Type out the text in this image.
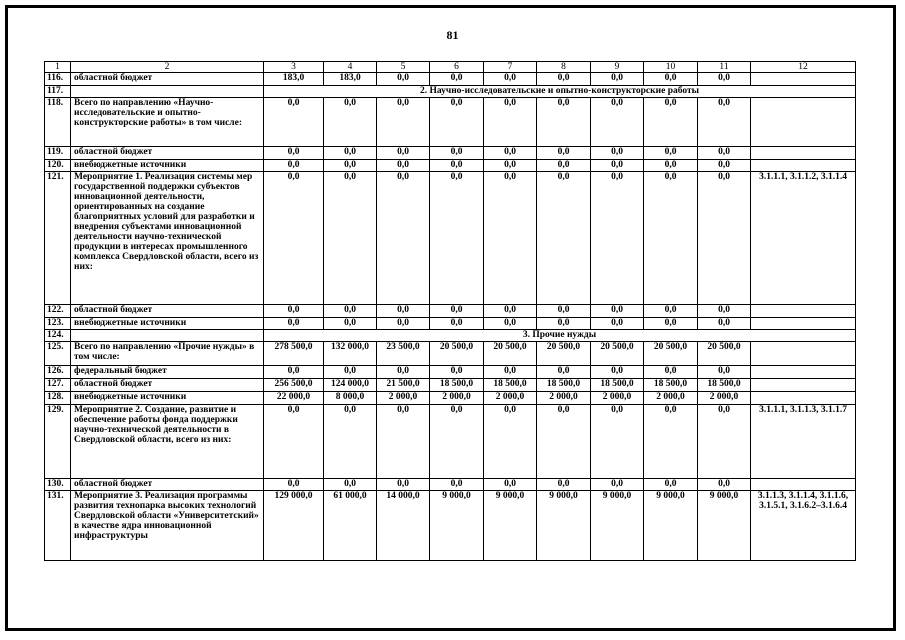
81
1	2	3	4	5	6	7	8	9	10	11	12
116.	областной бюджет	183,0	183,0	0,0	0,0	0,0	0,0	0,0	0,0	0,0	
117.		2. Научно-исследовательские и опытно-конструкторские работы									
118.	Всего по направлению «Научно-исследовательские и опытно-конструкторские работы» в том числе:	0,0	0,0	0,0	0,0	0,0	0,0	0,0	0,0	0,0	
119.	областной бюджет	0,0	0,0	0,0	0,0	0,0	0,0	0,0	0,0	0,0	
120.	внебюджетные источники	0,0	0,0	0,0	0,0	0,0	0,0	0,0	0,0	0,0	
121.	Мероприятие 1. Реализация системы мер государственной поддержки субъектов инновационной деятельности, ориентированных на создание благоприятных условий для разработки и внедрения субъектами инновационной деятельности научно-технической продукции в интересах промышленного комплекса Свердловской области, всего из них:	0,0	0,0	0,0	0,0	0,0	0,0	0,0	0,0	0,0	3.1.1.1, 3.1.1.2, 3.1.1.4
122.	областной бюджет	0,0	0,0	0,0	0,0	0,0	0,0	0,0	0,0	0,0	
123.	внебюджетные источники	0,0	0,0	0,0	0,0	0,0	0,0	0,0	0,0	0,0	
124.		3. Прочие нужды									
125.	Всего по направлению «Прочие нужды» в том числе:	278 500,0	132 000,0	23 500,0	20 500,0	20 500,0	20 500,0	20 500,0	20 500,0	20 500,0	
126.	федеральный бюджет	0,0	0,0	0,0	0,0	0,0	0,0	0,0	0,0	0,0	
127.	областной бюджет	256 500,0	124 000,0	21 500,0	18 500,0	18 500,0	18 500,0	18 500,0	18 500,0	18 500,0	
128.	внебюджетные источники	22 000,0	8 000,0	2 000,0	2 000,0	2 000,0	2 000,0	2 000,0	2 000,0	2 000,0	
129.	Мероприятие 2. Создание, развитие и обеспечение работы фонда поддержки научно-технической деятельности в Свердловской области, всего из них:	0,0	0,0	0,0	0,0	0,0	0,0	0,0	0,0	0,0	3.1.1.1, 3.1.1.3, 3.1.1.7
130.	областной бюджет	0,0	0,0	0,0	0,0	0,0	0,0	0,0	0,0	0,0	
131.	Мероприятие 3. Реализация программы развития технопарка высоких технологий Свердловской области «Университетский» в качестве ядра инновационной инфраструктуры	129 000,0	61 000,0	14 000,0	9 000,0	9 000,0	9 000,0	9 000,0	9 000,0	9 000,0	3.1.1.3, 3.1.1.4, 3.1.1.6, 3.1.5.1, 3.1.6.2–3.1.6.4
